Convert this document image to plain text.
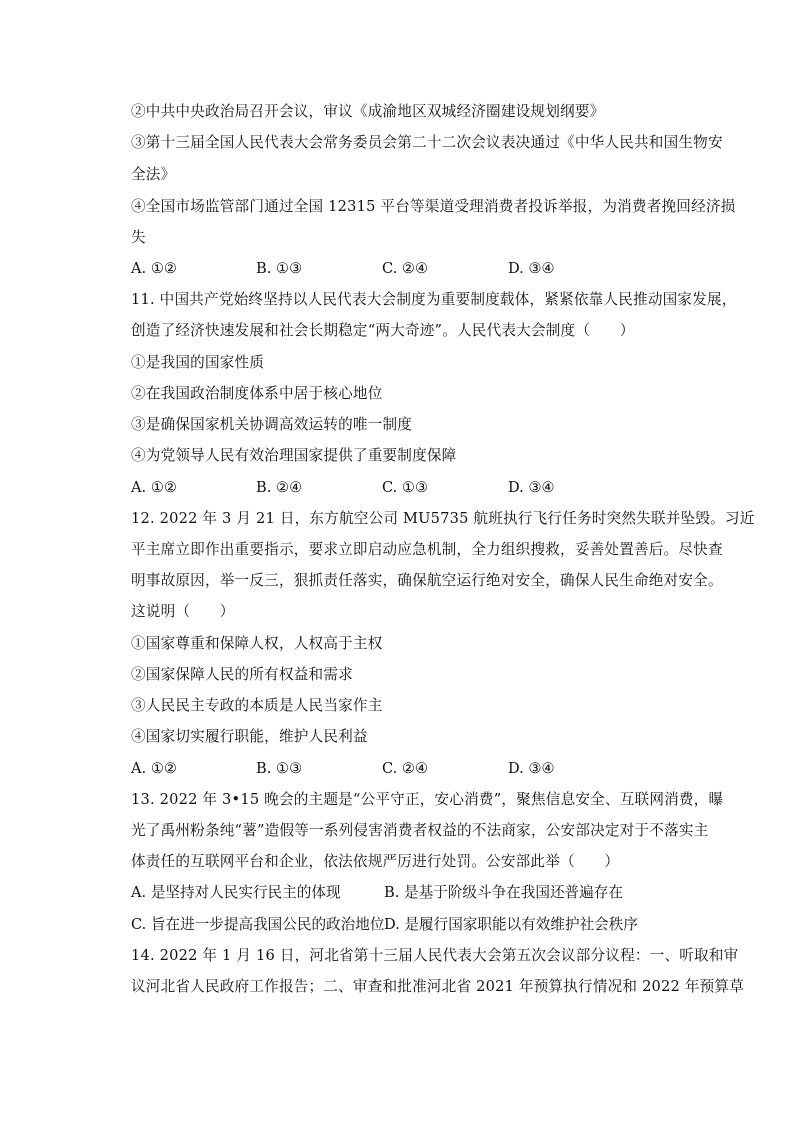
②中共中央政治局召开会议，审议《成渝地区双城经济圈建设规划纲要》
③第十三届全国人民代表大会常务委员会第二十二次会议表决通过《中华人民共和国生物安
全法》
④全国市场监管部门通过全国 12315 平台等渠道受理消费者投诉举报，为消费者挽回经济损
失
A. ①②	B. ①③	C. ②④	D. ③④
11. 中国共产党始终坚持以人民代表大会制度为重要制度载体，紧紧依靠人民推动国家发展，
创造了经济快速发展和社会长期稳定“两大奇迹”。人民代表大会制度（　　）
①是我国的国家性质
②在我国政治制度体系中居于核心地位
③是确保国家机关协调高效运转的唯一制度
④为党领导人民有效治理国家提供了重要制度保障
A. ①②	B. ②④	C. ①③	D. ③④
12. 2022 年 3 月 21 日，东方航空公司 MU5735 航班执行飞行任务时突然失联并坠毁。习近
平主席立即作出重要指示，要求立即启动应急机制，全力组织搜救，妥善处置善后。尽快查
明事故原因，举一反三，狠抓责任落实，确保航空运行绝对安全，确保人民生命绝对安全。
这说明（　　）
①国家尊重和保障人权，人权高于主权
②国家保障人民的所有权益和需求
③人民民主专政的本质是人民当家作主
④国家切实履行职能，维护人民利益
A. ①②	B. ①③	C. ②④	D. ③④
13. 2022 年 3•15 晚会的主题是“公平守正，安心消费”，聚焦信息安全、互联网消费，曝
光了禹州粉条纯“薯”造假等一系列侵害消费者权益的不法商家，公安部决定对于不落实主
体责任的互联网平台和企业，依法依规严厉进行处罚。公安部此举（　　）
A. 是坚持对人民实行民主的体现	B. 是基于阶级斗争在我国还普遍存在
C. 旨在进一步提高我国公民的政治地位 D. 是履行国家职能以有效维护社会秩序
14. 2022 年 1 月 16 日，河北省第十三届人民代表大会第五次会议部分议程：一、听取和审
议河北省人民政府工作报告；二、审查和批准河北省 2021 年预算执行情况和 2022 年预算草
